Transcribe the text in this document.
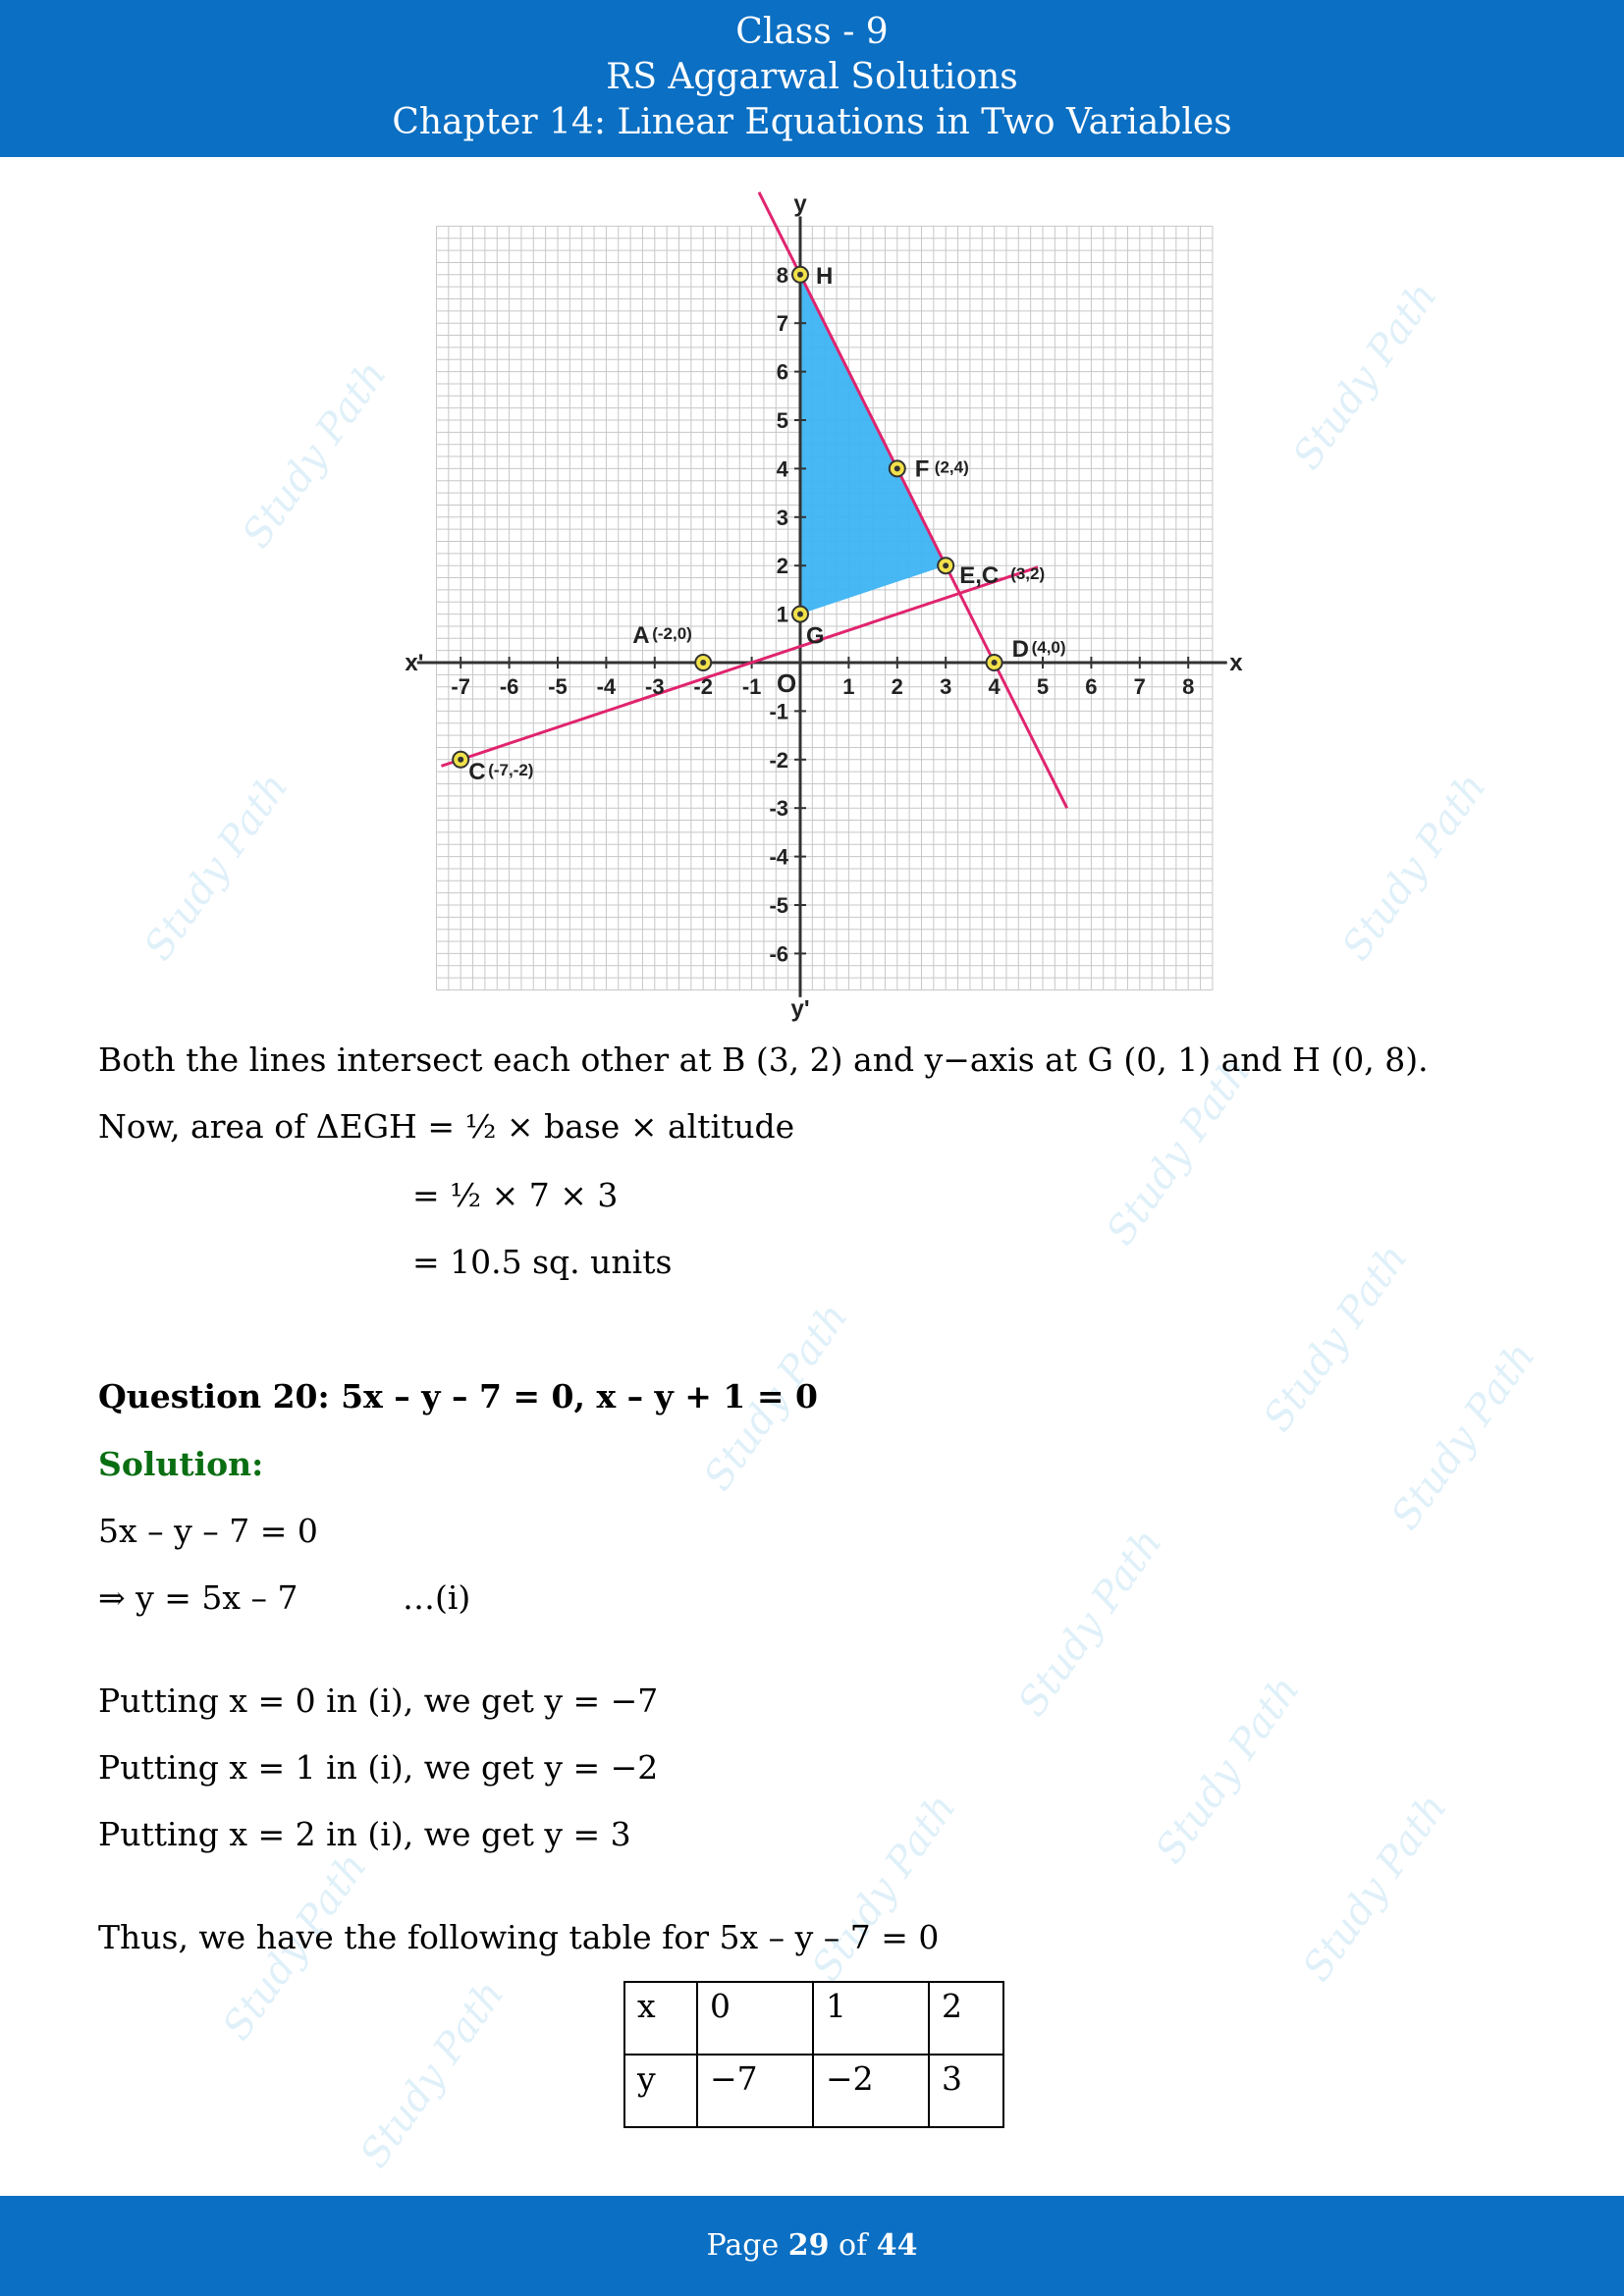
Class - 9
RS Aggarwal Solutions
Chapter 14: Linear Equations in Two Variables
Study Path	Study Path
Study Path	Study Path
Study Path
Study Path
Study Path	Study Path
Study Path
Study Path
Study Path	Study Path	Study Path
Study Path
-7 -6 -5 -4 -3 -2 -1	1 2 3 4 5 6 7 8
8
7
6
5
4
3
2
1
-1
-2
-3
-4
-5
-6
O
x
x'
y
y'
H
F (2,4)
E,C (3,2)
G
A (-2,0)
D (4,0)
C (-7,-2)
Both the lines intersect each other at B (3, 2) and y−axis at G (0, 1) and H (0, 8).
Now, area of ΔEGH = ½ × base × altitude
= ½ × 7 × 3
= 10.5 sq. units
Question 20: 5x – y – 7 = 0, x – y + 1 = 0
Solution:
5x – y – 7 = 0
⇒ y = 5x – 7	…(i)
Putting x = 0 in (i), we get y = −7
Putting x = 1 in (i), we get y = −2
Putting x = 2 in (i), we get y = 3
Thus, we have the following table for 5x – y – 7 = 0
x	0	1	2
y	−7	−2	3
Page 29 of 44
